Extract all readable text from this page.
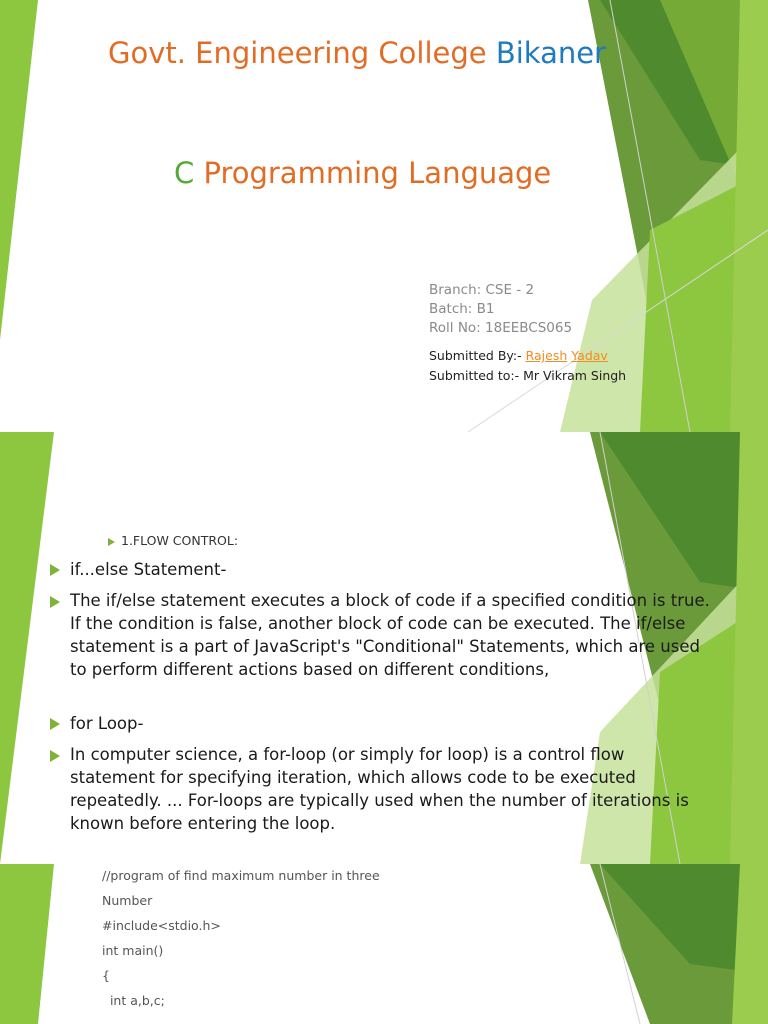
Govt. Engineering College Bikaner
C Programming Language
Branch: CSE - 2
Batch: B1
Roll No: 18EEBCS065
Submitted By:- Rajesh Yadav
Submitted to:- Mr Vikram Singh
1.FLOW CONTROL:
if...else Statement-
The if/else statement executes a block of code if a specified condition is true. If the condition is false, another block of code can be executed. The if/else statement is a part of JavaScript's "Conditional" Statements, which are used to perform different actions based on different conditions,
for Loop-
In computer science, a for-loop (or simply for loop) is a control flow statement for specifying iteration, which allows code to be executed repeatedly. ... For-loops are typically used when the number of iterations is known before entering the loop.
//program of find maximum number in three
Number
#include<stdio.h>
int main()
{
int a,b,c;
